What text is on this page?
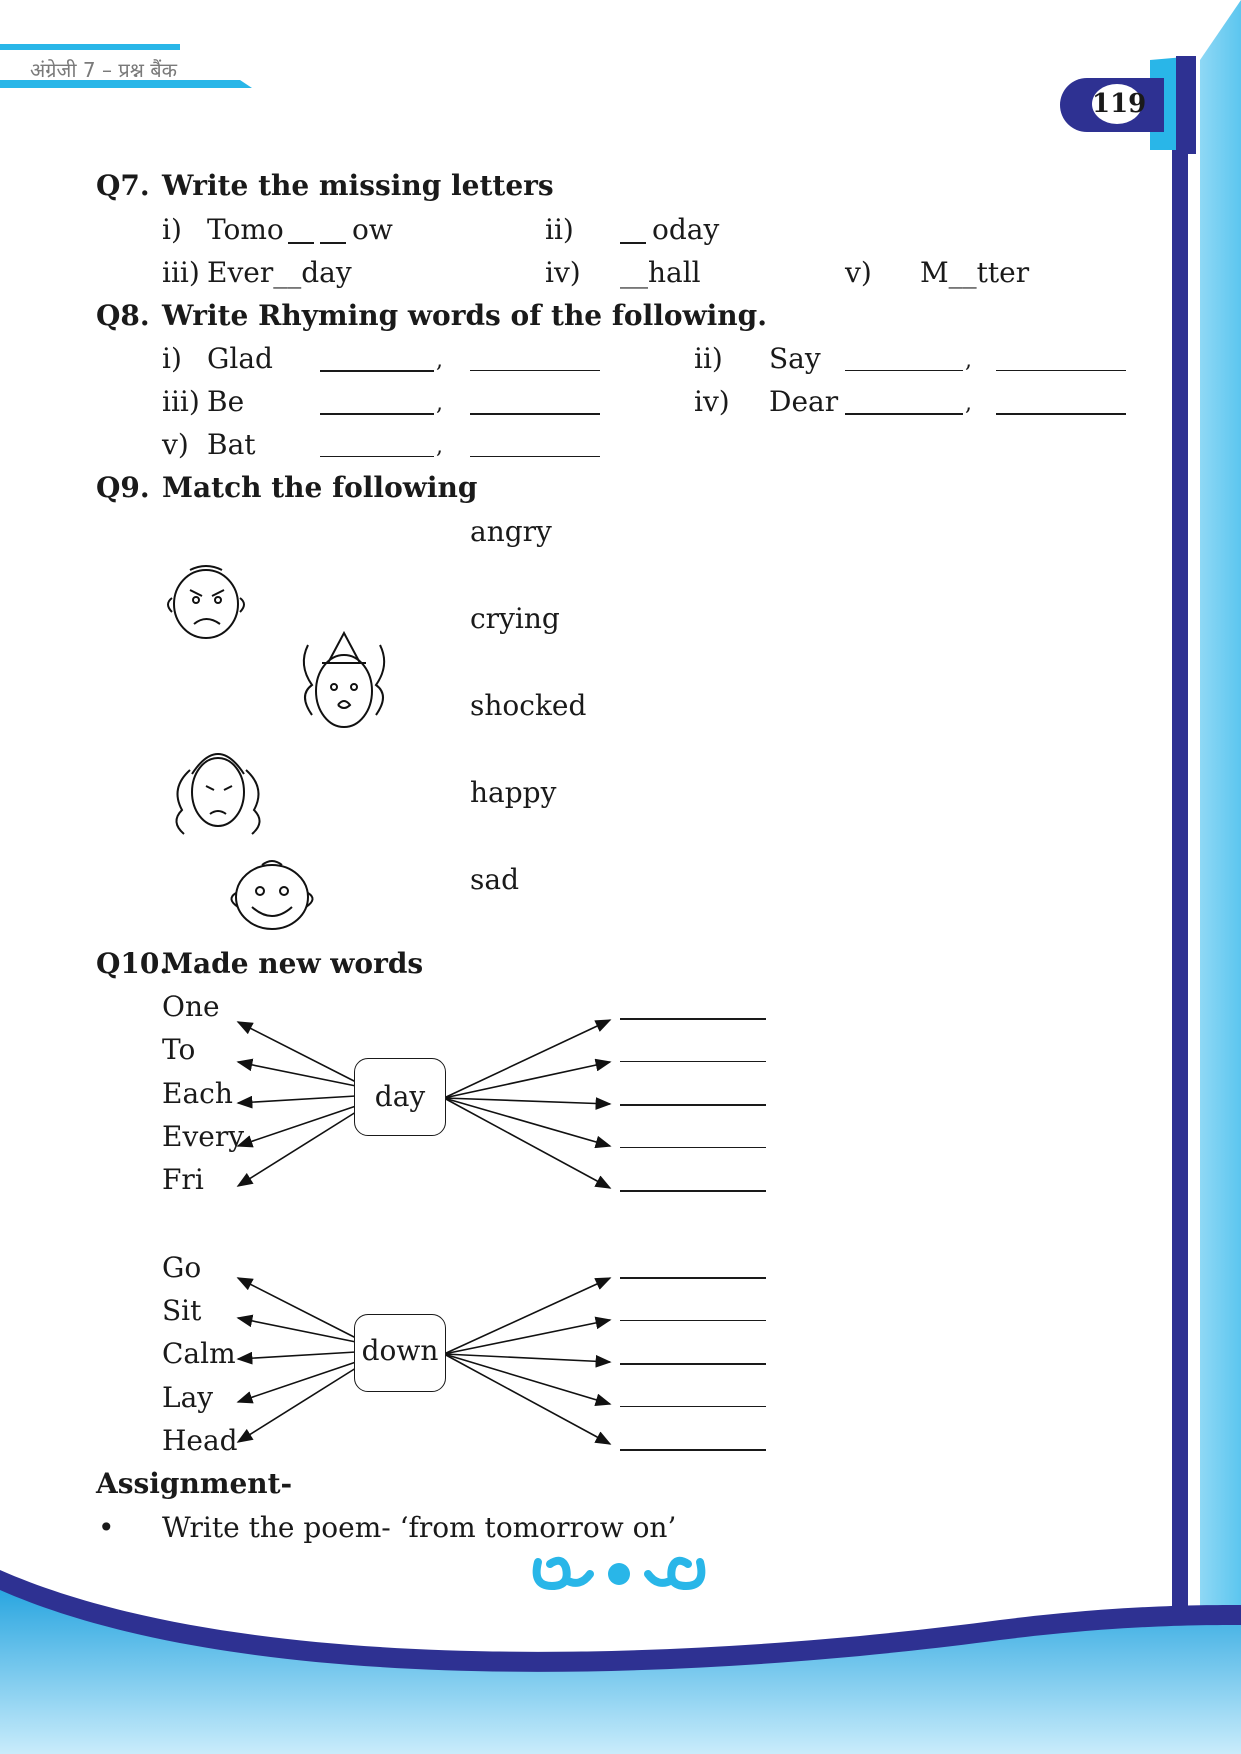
अंग्रेजी 7 – प्रश्न बैंक
119
Q7. Write the missing letters
i) Tomo ow	ii)	oday
iii) Ever__day	iv) __hall	v) M__tter
Q8. Write Rhyming words of the following.
i) Glad	,	ii) Say	,
iii) Be	,	iv) Dear	,
v) Bat	,
Q9. Match the following
angry
crying
shocked
happy
sad
Q10.
Made new words
One
To
Each
Every
Fri
day
Go
Sit
Calm
Lay
Head
down
Assignment-
• Write the poem- ‘from tomorrow on’
